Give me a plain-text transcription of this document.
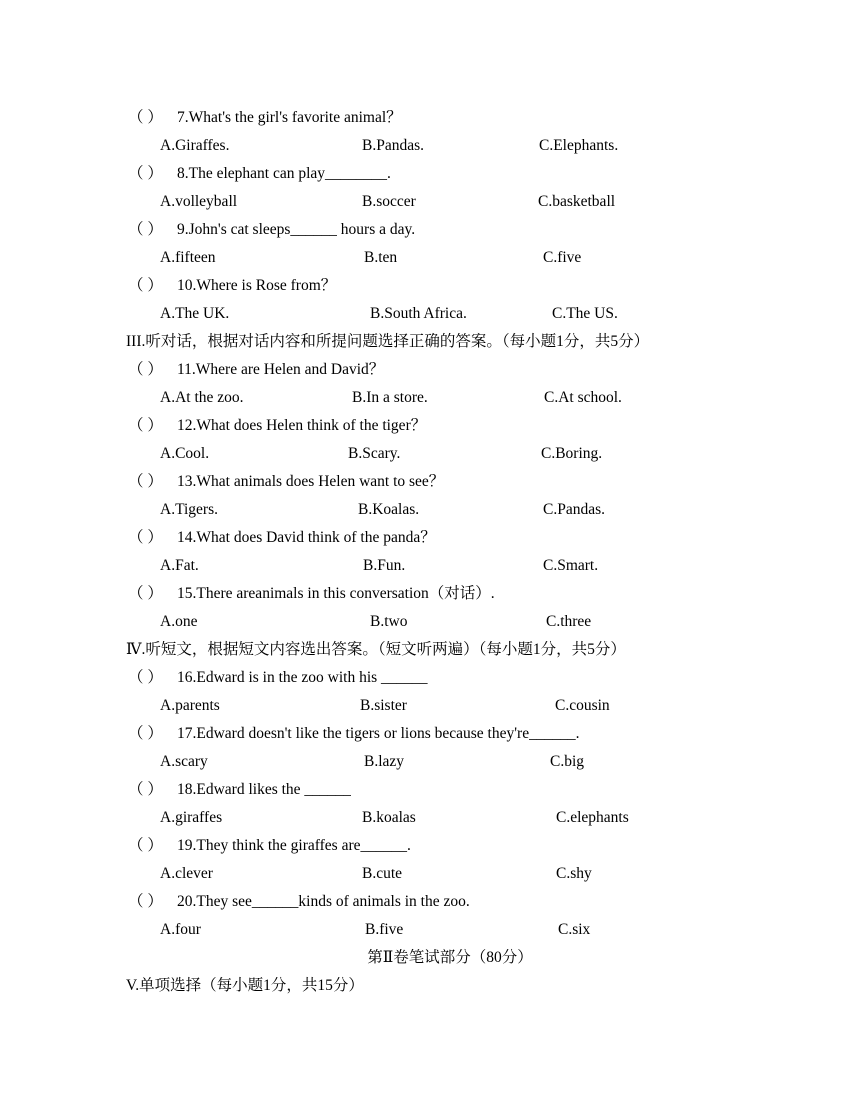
（ ） 7.What's the girl's favorite animal？
A.Giraffes.	B.Pandas.	C.Elephants.
（ ） 8.The elephant can play________.
A.volleyball	B.soccer	C.basketball
（ ） 9.John's cat sleeps______ hours a day.
A.fifteen	B.ten	C.five
（ ） 10.Where is Rose from？
A.The UK.	B.South Africa.	C.The US.
III.听对话，根据对话内容和所提问题选择正确的答案。（每小题1分，共5分）
（ ） 11.Where are Helen and David？
A.At the zoo.	B.In a store.	C.At school.
（ ） 12.What does Helen think of the tiger？
A.Cool.	B.Scary.	C.Boring.
（ ） 13.What animals does Helen want to see？
A.Tigers.	B.Koalas.	C.Pandas.
（ ） 14.What does David think of the panda？
A.Fat.	B.Fun.	C.Smart.
（ ） 15.There areanimals in this conversation（对话）.
A.one	B.two	C.three
Ⅳ.听短文，根据短文内容选出答案。（短文听两遍）（每小题1分，共5分）
（ ） 16.Edward is in the zoo with his ______
A.parents	B.sister	C.cousin
（ ） 17.Edward doesn't like the tigers or lions because they're______.
A.scary	B.lazy	C.big
（ ） 18.Edward likes the ______
A.giraffes	B.koalas	C.elephants
（ ） 19.They think the giraffes are______.
A.clever	B.cute	C.shy
（ ） 20.They see______kinds of animals in the zoo.
A.four	B.five	C.six
第Ⅱ卷笔试部分（80分）
V.单项选择（每小题1分，共15分）
